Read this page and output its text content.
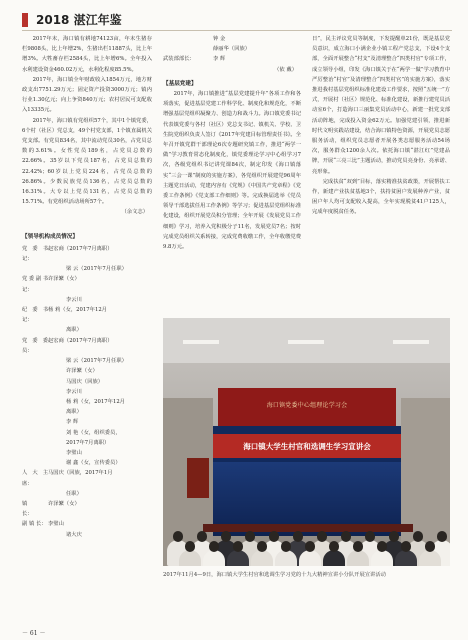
2018 湛江年鉴

2017年末，海口镇有耕地74123亩，年末生猪存栏9808头，比上年增2%，生猪出栏11887头，比上年增3%。大牲畜存栏2584头，比上年增6%。全年投入水利建设资金460.02万元，水利化程度85.5%。

2017年，海口镇全年财政收入1854万元，地方财政支出7751.29万元；固定资产投资3000万元；镇内行业1.30亿元；向上争资840万元；农村居民可支配收入13335元。

2017年，海口镇有党组织57个，其中1个镇党委，6个村（社区）党总支，49个村党支部，1个镇直属机关党支部。有党员834名，其中流动党员30名，占党员总数的3.61%。女性党员189名，占党员总数的22.66%。35岁以下党员187名，占党员总数的22.42%；60岁以上党员224名，占党员总数的26.86%。少数民族党员136名，占党员总数的16.31%。大专以上党员131名，占党员总数的15.71%。有党组织活动场所57个。

（余文志）
【领导机构成员情况】
党 委 书 记：
赵宏商（2017年7月离职）
梁 云（2017年7月任职）
党委副书记：
许泽繁（女）
李云川
纪 委 书 记：
杨 莉（女，2017年12月
离职）
党 委 委 员：
赵宏商（2017年7月离职）
梁 云（2017年7月任职）
许泽繁（女）
马国庆（回族）
李云川
杨 莉（女，2017年12月
离职）
李 辉
刘 艳（女，组织委员，
2017年7月离职）
李璧山
谢 鑫（女，宣传委员）
人 大 主 席：
马国庆（回族，2017年1月
任职）
镇　　长：
许泽繁（女）
副 镇 长： 李璧山
诸大庆
钟 金
薛丽华（回族）
武装部部长：	李 辉
（依 戴）
【基层党建】

2017年，海口镇推进“基层党建提升年”各项工作和各项落实，促进基层党建工作科学化、制度化和规范化，不断增强基层党组织凝聚力、创造力和战斗力。海口镇党委书记代表镇党委与各村（社区）党总支书记、镇机关、学校、卫生院党组织负责人签订《2017年党建目标管理责任书》。全年召开镇党群干部理论6次专题研究镇工作，推进“两学一做”学习教育常态化制度化，镇党委理论学习中心组学习7次，各级党组织书记讲党课84次，制定印发《海口镇落实“三会一课”制度的实施方案》，各党组织开展建党96周年主题党日活动，党建内容有《党规》《中国共产党章程》《党委工作条例》《党支部工作细则》等。完成换届选举《党员领导干部选拔任用工作条例》等学习；促进基层党组织标准化建设，组织开展党员积分管理；全年开展《发展党员工作细则》学习，培养入党积极分子11名，发展党员7名；按时完成党员组织关系转接，完成党费收缴工作，全年收缴党费9.8万元。

日”，民主评议党员等制度，下发提醒单21份，既是基层党员意识，成立海口小满企业小镇工程产党总支，下设4个支部，全面开展整合“村支”及清理整合“四类村官”专项工作，成立领导小组，印发《海口镇关于在“两学一做”学习教育中严厉整治“村官”及清理整合“四类村官”的实施方案》，落实推进我村基层党组织标准化建设工作要求，按照“五统一”方式，开展村（社区）规范化、标准化建设，新推行建党员活动室6个，打造海口三丽集党员活动中心，新建一批党支部活动阵地，完成投入资金62万元。加强党建引领，推进新时代文明实践站建设，结合海口镇特色资源，开展党员志愿服务活动，组织党员志愿者开展各类志愿服务活动54场次，服务群众1200余人次。依托海口镇“湛江红”党建品牌，开展“三亮三比”主题活动，推动党员亮身份、亮承诺、亮形象。

完成扶贫“双到”目标，落实精准扶贫政策，开展帮扶工作，新建产业扶贫基地3个，扶持贫困户发展种养产业，贫困户年人均可支配收入提高，全年实现脱贫41户125人，完成年度脱贫任务。

海口镇党委中心组理论学习会
海口镇大学生村官和选调生学习宣讲会
2017年11月4—9日，海口镇大学生村官和选调生学习党的十九大精神宣讲小分队开展宣讲活动
－ 61 －
